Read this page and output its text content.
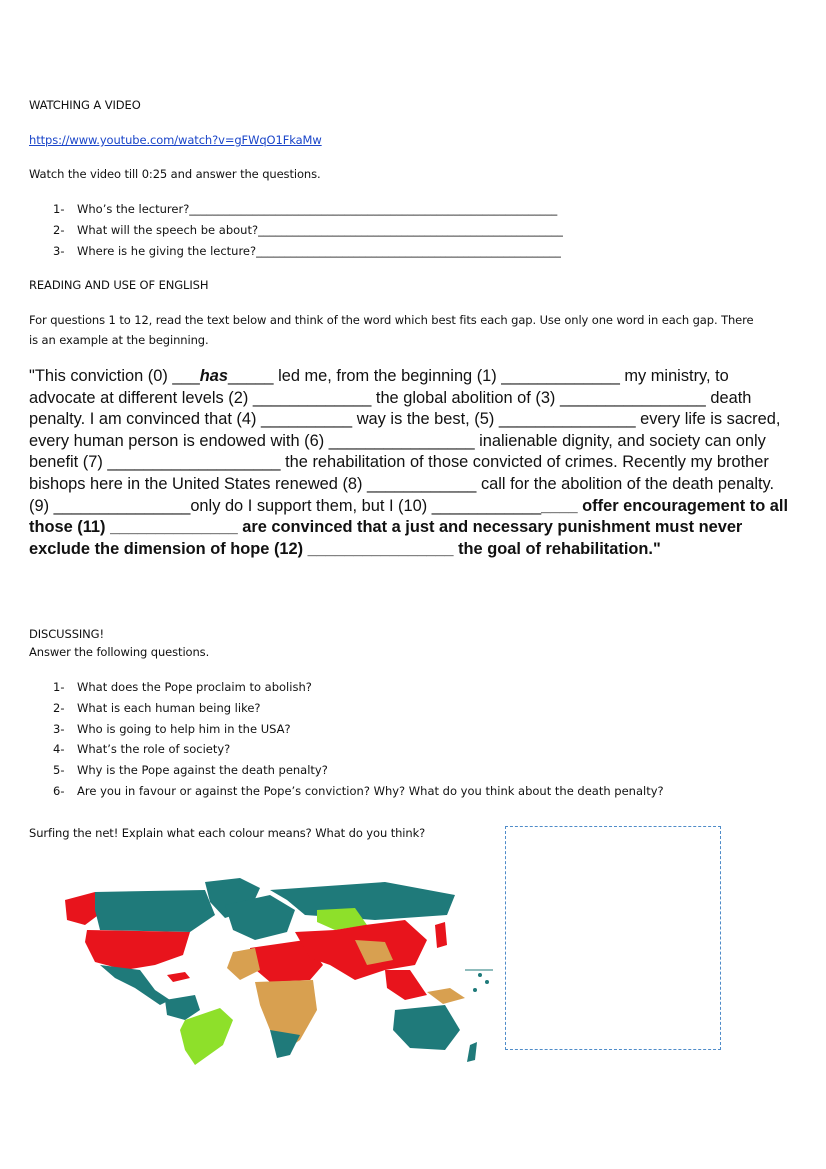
WATCHING A VIDEO
https://www.youtube.com/watch?v=gFWqO1FkaMw
Watch the video till 0:25 and answer the questions.
1- Who’s the lecturer?________________________________________________________________
2- What will the speech be about?_____________________________________________________
3- Where is he giving the lecture?_____________________________________________________
READING AND USE OF ENGLISH
For questions 1 to 12, read the text below and think of the word which best fits each gap. Use only one word in each gap. There
is an example at the beginning.
"This conviction (0) ___has_____ led me, from the beginning (1) _____________ my ministry, to advocate at different levels (2) _____________ the global abolition of (3) ________________ death penalty. I am convinced that (4) __________ way is the best, (5) _______________ every life is sacred, every human person is endowed with (6) ________________ inalienable dignity, and society can only benefit (7) ___________________ the rehabilitation of those convicted of crimes. Recently my brother bishops here in the United States renewed (8) ____________ call for the abolition of the death penalty. (9) _______________only do I support them, but I (10) ________________ offer encouragement to all those (11) ______________ are convinced that a just and necessary punishment must never exclude the dimension of hope (12) ________________ the goal of rehabilitation."
DISCUSSING!
Answer the following questions.
1- What does the Pope proclaim to abolish?
2- What is each human being like?
3- Who is going to help him in the USA?
4- What’s the role of society?
5- Why is the Pope against the death penalty?
6- Are you in favour or against the Pope’s conviction? Why? What do you think about the death penalty?
Surfing the net! Explain what each colour means? What do you think?
